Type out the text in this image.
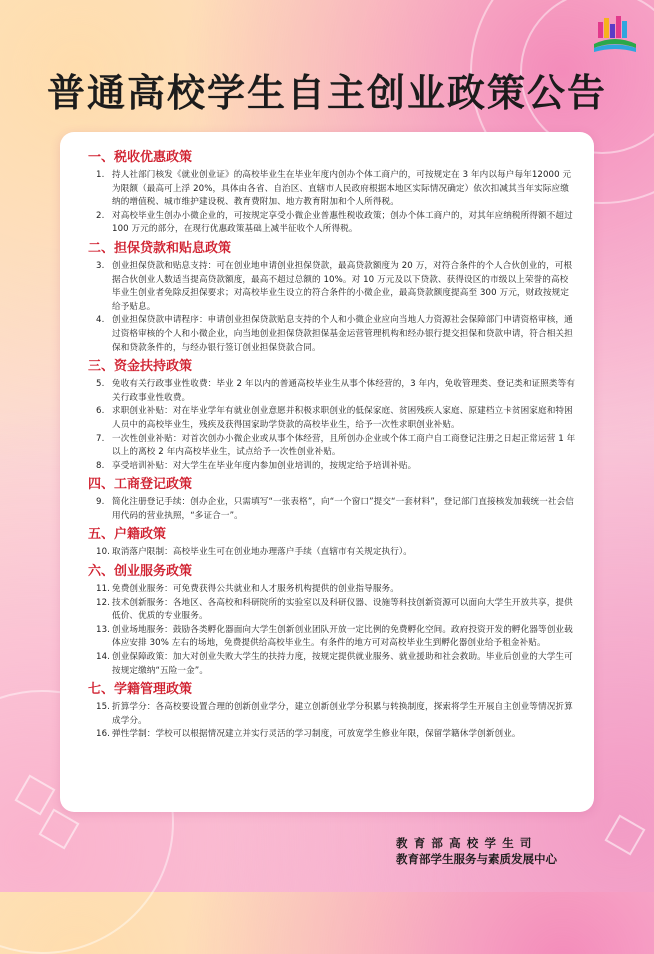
普通高校学生自主创业政策公告
一、税收优惠政策
1. 持人社部门核发《就业创业证》的高校毕业生在毕业年度内创办个体工商户的，可按规定在 3 年内以每户每年12000 元为限额（最高可上浮 20%，具体由各省、自治区、直辖市人民政府根据本地区实际情况确定）依次扣减其当年实际应缴纳的增值税、城市维护建设税、教育费附加、地方教育附加和个人所得税。
2. 对高校毕业生创办小微企业的，可按规定享受小微企业普惠性税收政策；创办个体工商户的，对其年应纳税所得额不超过 100 万元的部分，在现行优惠政策基础上减半征收个人所得税。
二、担保贷款和贴息政策
3. 创业担保贷款和贴息支持：可在创业地申请创业担保贷款，最高贷款额度为 20 万，对符合条件的个人合伙创业的，可根据合伙创业人数适当提高贷款额度，最高不超过总额的 10%。对 10 万元及以下贷款、获得设区的市级以上荣誉的高校毕业生创业者免除反担保要求；对高校毕业生设立的符合条件的小微企业，最高贷款额度提高至 300 万元，财政按规定给予贴息。
4. 创业担保贷款申请程序：申请创业担保贷款贴息支持的个人和小微企业应向当地人力资源社会保障部门申请资格审核，通过资格审核的个人和小微企业，向当地创业担保贷款担保基金运营管理机构和经办银行提交担保和贷款申请，符合相关担保和贷款条件的，与经办银行签订创业担保贷款合同。
三、资金扶持政策
5. 免收有关行政事业性收费：毕业 2 年以内的普通高校毕业生从事个体经营的，3 年内，免收管理类、登记类和证照类等有关行政事业性收费。
6. 求职创业补贴：对在毕业学年有就业创业意愿并积极求职创业的低保家庭、贫困残疾人家庭、原建档立卡贫困家庭和特困人员中的高校毕业生，残疾及获得国家助学贷款的高校毕业生，给予一次性求职创业补贴。
7. 一次性创业补贴：对首次创办小微企业或从事个体经营，且所创办企业或个体工商户自工商登记注册之日起正常运营 1 年以上的离校 2 年内高校毕业生，试点给予一次性创业补贴。
8. 享受培训补贴：对大学生在毕业年度内参加创业培训的，按规定给予培训补贴。
四、工商登记政策
9. 简化注册登记手续：创办企业，只需填写“一张表格”，向“一个窗口”提交“一套材料”，登记部门直接核发加载统一社会信用代码的营业执照，“多证合一”。
五、户籍政策
10. 取消落户限制：高校毕业生可在创业地办理落户手续（直辖市有关规定执行）。
六、创业服务政策
11. 免费创业服务：可免费获得公共就业和人才服务机构提供的创业指导服务。
12. 技术创新服务：各地区、各高校和科研院所的实验室以及科研仪器、设施等科技创新资源可以面向大学生开放共享，提供低价、优质的专业服务。
13. 创业场地服务：鼓励各类孵化器面向大学生创新创业团队开放一定比例的免费孵化空间。政府投资开发的孵化器等创业载体应安排 30% 左右的场地，免费提供给高校毕业生。有条件的地方可对高校毕业生到孵化器创业给予租金补贴。
14. 创业保障政策：加大对创业失败大学生的扶持力度，按规定提供就业服务、就业援助和社会救助。毕业后创业的大学生可按规定缴纳“五险一金”。
七、学籍管理政策
15. 折算学分：各高校要设置合理的创新创业学分，建立创新创业学分积累与转换制度，探索将学生开展自主创业等情况折算成学分。
16. 弹性学制：学校可以根据情况建立并实行灵活的学习制度，可放宽学生修业年限，保留学籍休学创新创业。
教育部高校学生司
教育部学生服务与素质发展中心
